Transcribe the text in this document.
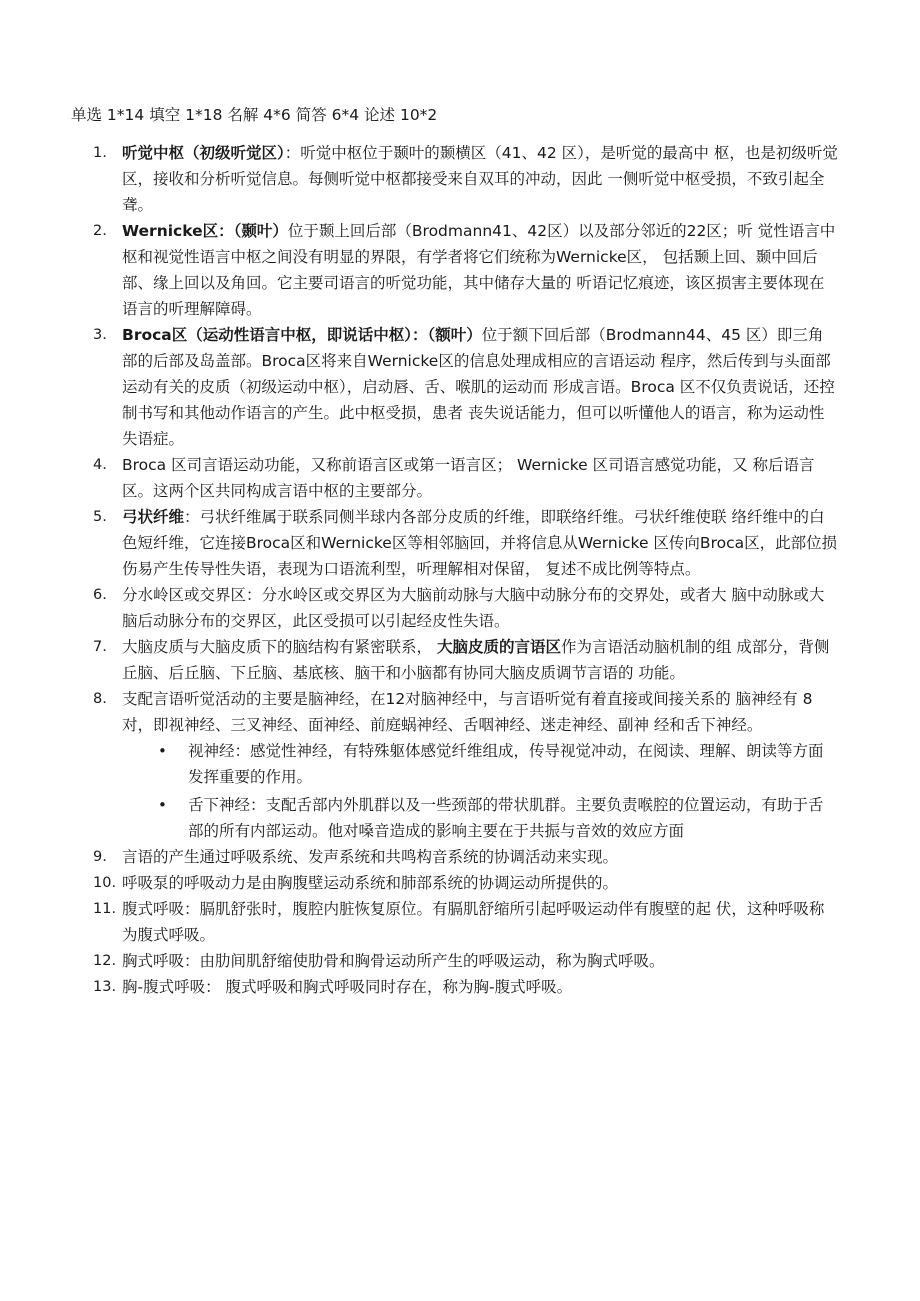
单选 1*14 填空 1*18 名解 4*6 简答 6*4 论述 10*2
1. 听觉中枢（初级听觉区）：听觉中枢位于颞叶的颞横区（41、42 区），是听觉的最高中 枢，也是初级听觉区，接收和分析听觉信息。每侧听觉中枢都接受来自双耳的冲动，因此 一侧听觉中枢受损，不致引起全聋。
2. Wernicke区：（颞叶）位于颞上回后部（Brodmann41、42区）以及部分邻近的22区；听 觉性语言中枢和视觉性语言中枢之间没有明显的界限，有学者将它们统称为Wernicke区， 包括颞上回、颞中回后部、缘上回以及角回。它主要司语言的听觉功能，其中储存大量的 听语记忆痕迹，该区损害主要体现在语言的听理解障碍。
3. Broca区（运动性语言中枢，即说话中枢）：（额叶）位于额下回后部（Brodmann44、45 区）即三角部的后部及岛盖部。Broca区将来自Wernicke区的信息处理成相应的言语运动 程序，然后传到与头面部运动有关的皮质（初级运动中枢），启动唇、舌、喉肌的运动而 形成言语。Broca 区不仅负责说话，还控制书写和其他动作语言的产生。此中枢受损，患者 丧失说话能力，但可以听懂他人的语言，称为运动性失语症。
4. Broca 区司言语运动功能，又称前语言区或第一语言区； Wernicke 区司语言感觉功能，又 称后语言区。这两个区共同构成言语中枢的主要部分。
5. 弓状纤维：弓状纤维属于联系同侧半球内各部分皮质的纤维，即联络纤维。弓状纤维使联 络纤维中的白色短纤维，它连接Broca区和Wernicke区等相邻脑回，并将信息从Wernicke 区传向Broca区，此部位损伤易产生传导性失语，表现为口语流利型，听理解相对保留， 复述不成比例等特点。
6. 分水岭区或交界区：分水岭区或交界区为大脑前动脉与大脑中动脉分布的交界处，或者大 脑中动脉或大脑后动脉分布的交界区，此区受损可以引起经皮性失语。
7. 大脑皮质与大脑皮质下的脑结构有紧密联系， 大脑皮质的言语区作为言语活动脑机制的组 成部分，背侧丘脑、后丘脑、下丘脑、基底核、脑干和小脑都有协同大脑皮质调节言语的 功能。
8. 支配言语听觉活动的主要是脑神经，在12对脑神经中，与言语听觉有着直接或间接关系的 脑神经有 8 对，即视神经、三叉神经、面神经、前庭蜗神经、舌咽神经、迷走神经、副神 经和舌下神经。
• 视神经：感觉性神经，有特殊躯体感觉纤维组成，传导视觉冲动，在阅读、理解、朗读等方面发挥重要的作用。
• 舌下神经：支配舌部内外肌群以及一些颈部的带状肌群。主要负责喉腔的位置运动，有助于舌部的所有内部运动。他对嗓音造成的影响主要在于共振与音效的效应方面
9. 言语的产生通过呼吸系统、发声系统和共鸣构音系统的协调活动来实现。
10. 呼吸泵的呼吸动力是由胸腹壁运动系统和肺部系统的协调运动所提供的。
11. 腹式呼吸：膈肌舒张时，腹腔内脏恢复原位。有膈肌舒缩所引起呼吸运动伴有腹壁的起 伏，这种呼吸称为腹式呼吸。
12. 胸式呼吸：由肋间肌舒缩使肋骨和胸骨运动所产生的呼吸运动，称为胸式呼吸。
13. 胸-腹式呼吸： 腹式呼吸和胸式呼吸同时存在，称为胸-腹式呼吸。
